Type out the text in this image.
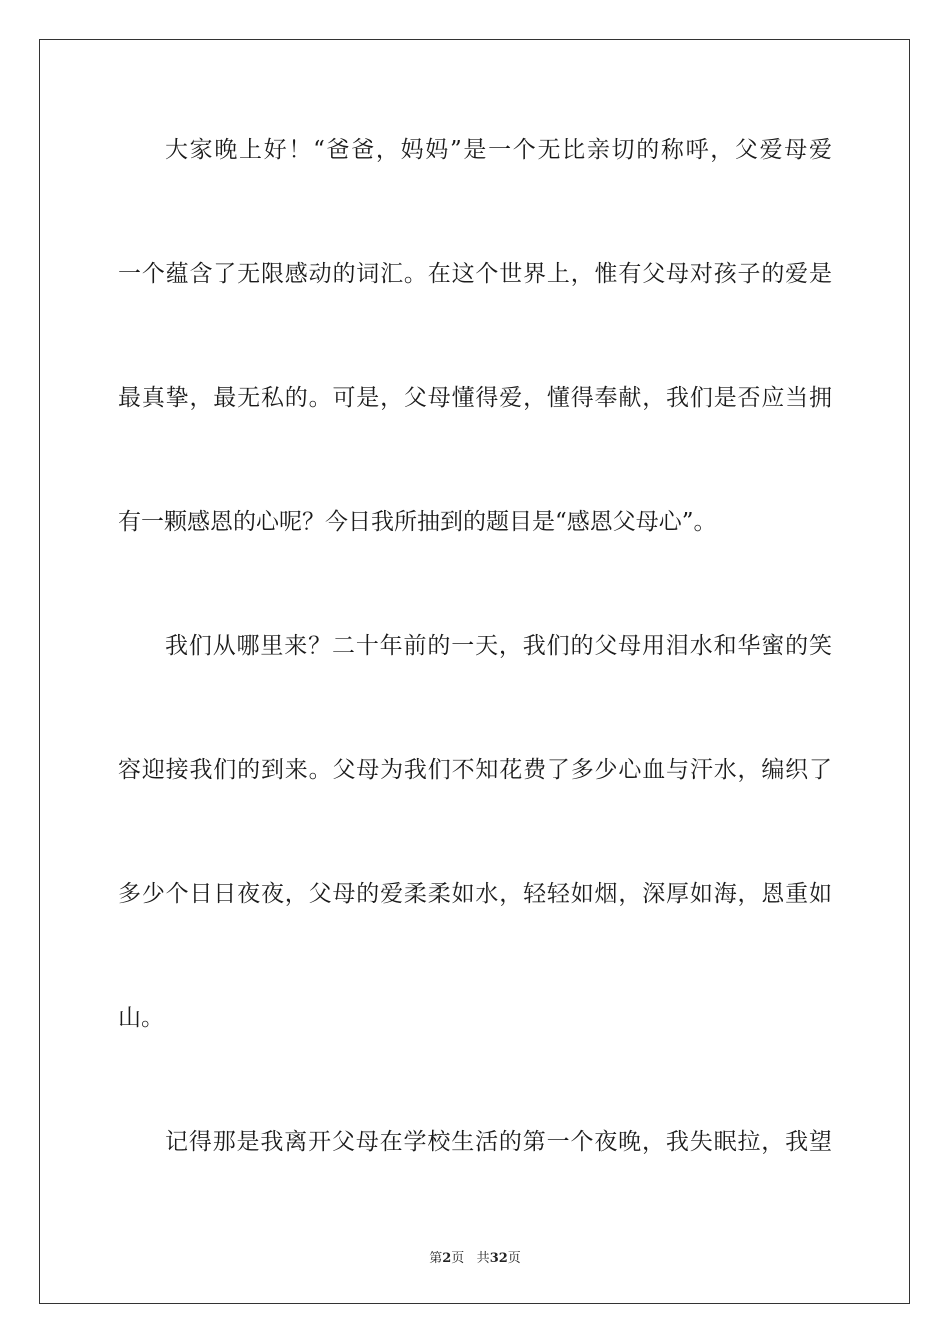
大家晚上好！“爸爸，妈妈”是一个无比亲切的称呼，父爱母爱
一个蕴含了无限感动的词汇。在这个世界上，惟有父母对孩子的爱是
最真挚，最无私的。可是，父母懂得爱，懂得奉献，我们是否应当拥
有一颗感恩的心呢？今日我所抽到的题目是“感恩父母心”。
我们从哪里来？二十年前的一天，我们的父母用泪水和华蜜的笑
容迎接我们的到来。父母为我们不知花费了多少心血与汗水，编织了
多少个日日夜夜，父母的爱柔柔如水，轻轻如烟，深厚如海，恩重如
山。
记得那是我离开父母在学校生活的第一个夜晚，我失眠拉，我望
第2页 共32页
